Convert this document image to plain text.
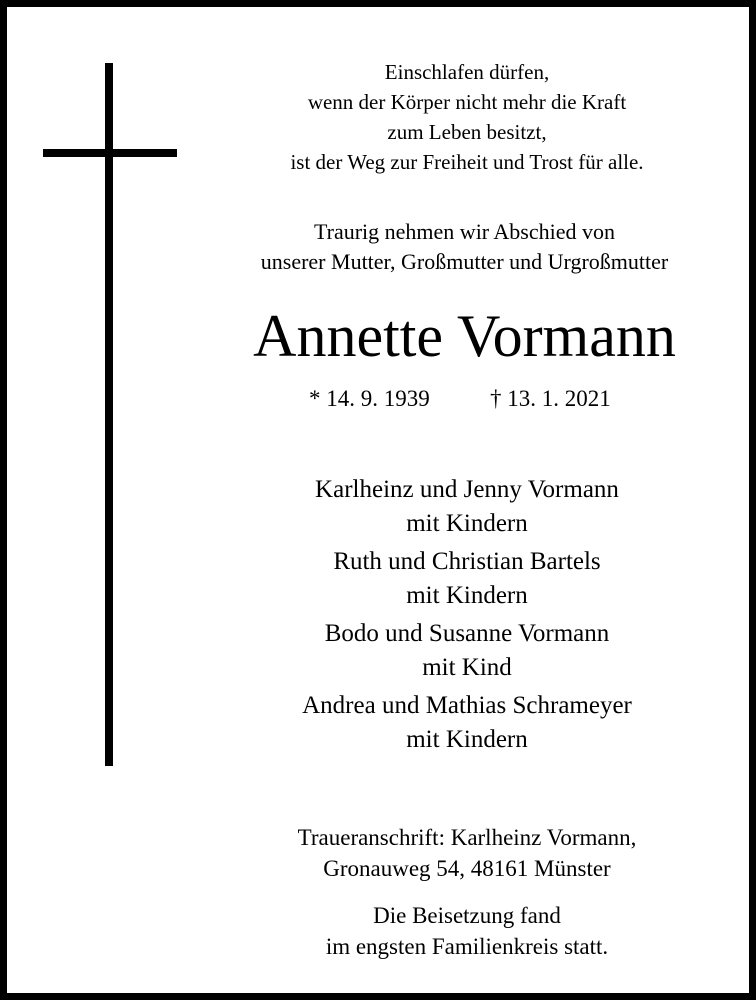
Einschlafen dürfen,
wenn der Körper nicht mehr die Kraft
zum Leben besitzt,
ist der Weg zur Freiheit und Trost für alle.
Traurig nehmen wir Abschied von
unserer Mutter, Großmutter und Urgroßmutter
Annette Vormann
* 14. 9. 1939	† 13. 1. 2021
Karlheinz und Jenny Vormann
mit Kindern
Ruth und Christian Bartels
mit Kindern
Bodo und Susanne Vormann
mit Kind
Andrea und Mathias Schrameyer
mit Kindern
Traueranschrift: Karlheinz Vormann,
Gronauweg 54, 48161 Münster
Die Beisetzung fand
im engsten Familienkreis statt.
